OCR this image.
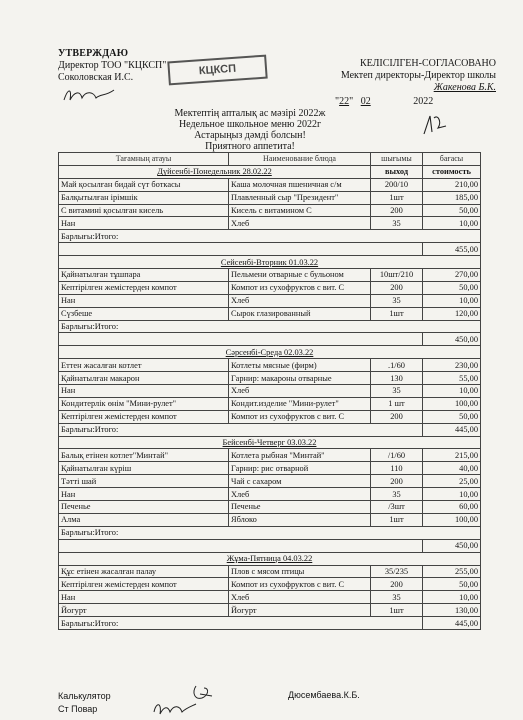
УТВЕРЖДАЮ
Директор ТОО "КЦКСП"
Соколовская И.С.
КЦКСП	КЕЛІСІЛГЕН-СОГЛАСОВАНО
Мектеп директоры-Директор школы
Жакенова Б.К.
"22"   02	2022
Мектептің апталық ас мәзірі 2022ж
Недельное школьное меню 2022г
Астарыңыз дәмді болсын!
Приятного аппетита!
Тағамның атауы	Наименование блюда	шығымы	бағасы
Дүйсенбі-Понедельник 28.02.22		выход	стоимость
Май қосылған бидай сүт боткасы	Каша молочная пшеничная с/м	200/10	210,00
Балқытылған ірімшік	Плавленный сыр "Президент"	1шт	185,00
С витамині қосылған кисель	Кисель с витамином С	200	50,00
Нан	Хлеб	35	10,00
Барлығы:Итого:			
			455,00
Сейсенбі-Вторник 01.03.22			
Қайнатылған тұшпара	Пельмени отварные с бульоном	10шт/210	270,00
Кептірілген жемістерден компот	Компот из сухофруктов с вит. С	200	50,00
Нан	Хлеб	35	10,00
Сүзбеше	Сырок глазированный	1шт	120,00
Барлығы:Итого:			
			450,00
Сәрсенбі-Среда 02.03.22			
Еттен жасалған котлет	Котлеты мясные (фирм)	.1/60	230,00
Қайнатылған макарон	Гарнир: макароны отварные	130	55,00
Нан	Хлеб	35	10,00
Кондитерлік өнім "Мини-рулет"	Кондит.изделие "Мини-рулет"	1 шт	100,00
Кептірілген жемістерден компот	Компот из сухофруктов с вит. С	200	50,00
Барлығы:Итого:			445,00
Бейсенбі-Четверг 03.03.22			
Балық етінен котлет"Минтай"	Котлета рыбная "Минтай"	/1/60	215,00
Қайнатылған күріш	Гарнир: рис отварной	110	40,00
Тәтті шай	Чай с сахаром	200	25,00
Нан	Хлеб	35	10,00
Печенье	Печенье	/3шт	60,00
Алма	Яблоко	1шт	100,00
Барлығы:Итого:			
			450,00
Жұма-Пятница 04.03.22			
Құс етінен жасалған палау	Плов с мясом птицы	35/235	255,00
Кептірілген жемістерден компот	Компот из сухофруктов с вит. С	200	50,00
Нан	Хлеб	35	10,00
Йогурт	Йогурт	1шт	130,00
Барлығы:Итого:			445,00
Калькулятор
Ст Повар
Дюсембаева.К.Б.
